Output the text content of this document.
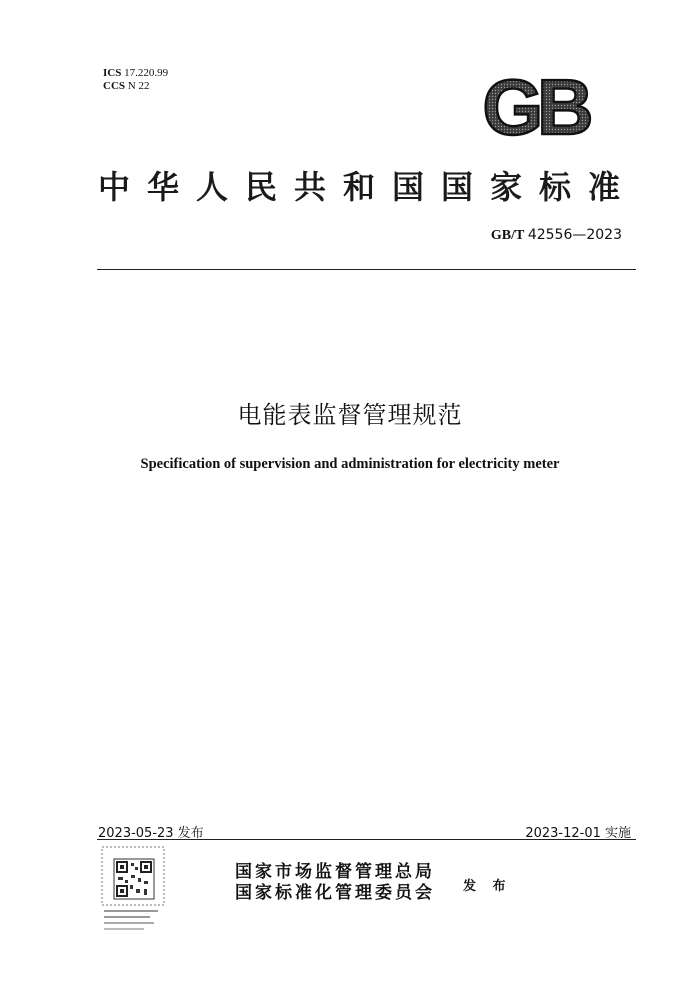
ICS 17.220.99
CCS N 22	GB
中华人民共和国国家标准
GB/T 42556—2023
电能表监督管理规范
Specification of supervision and administration for electricity meter
2023-05-23 发布	2023-12-01 实施
国家市场监督管理总局
国家标准化管理委员会 发 布
